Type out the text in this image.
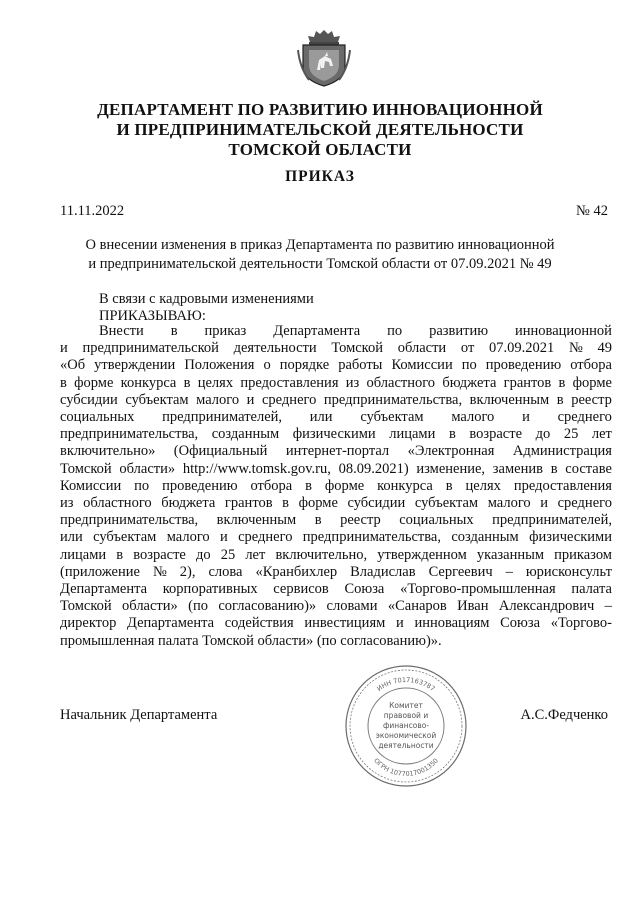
ДЕПАРТАМЕНТ ПО РАЗВИТИЮ ИННОВАЦИОННОЙ
И ПРЕДПРИНИМАТЕЛЬСКОЙ ДЕЯТЕЛЬНОСТИ
ТОМСКОЙ ОБЛАСТИ
ПРИКАЗ
11.11.2022	№ 42
О внесении изменения в приказ Департамента по развитию инновационной
и предпринимательской деятельности Томской области от 07.09.2021 № 49
В связи с кадровыми изменениями
ПРИКАЗЫВАЮ:
Внести в приказ Департамента по развитию инновационной
и предпринимательской деятельности Томской области от 07.09.2021 № 49
«Об утверждении Положения о порядке работы Комиссии по проведению отбора
в форме конкурса в целях предоставления из областного бюджета грантов в форме
субсидии субъектам малого и среднего предпринимательства, включенным в реестр
социальных предпринимателей, или субъектам малого и среднего
предпринимательства, созданным физическими лицами в возрасте до 25 лет
включительно» (Официальный интернет-портал «Электронная Администрация
Томской области» http://www.tomsk.gov.ru, 08.09.2021) изменение, заменив в составе
Комиссии по проведению отбора в форме конкурса в целях предоставления
из областного бюджета грантов в форме субсидии субъектам малого и среднего
предпринимательства, включенным в реестр социальных предпринимателей,
или субъектам малого и среднего предпринимательства, созданным физическими
лицами в возрасте до 25 лет включительно, утвержденном указанным приказом
(приложение № 2), слова «Кранбихлер Владислав Сергеевич – юрисконсульт
Департамента корпоративных сервисов Союза «Торгово-промышленная палата
Томской области» (по согласованию)» словами «Санаров Иван Александрович –
директор Департамента содействия инвестициям и инновациям Союза «Торгово-
промышленная палата Томской области» (по согласованию)».
Начальник Департамента	А.С.Федченко
ИНН 7017163787
ОГРН 1077017001350
Комитет
правовой и
финансово-
экономической
деятельности
